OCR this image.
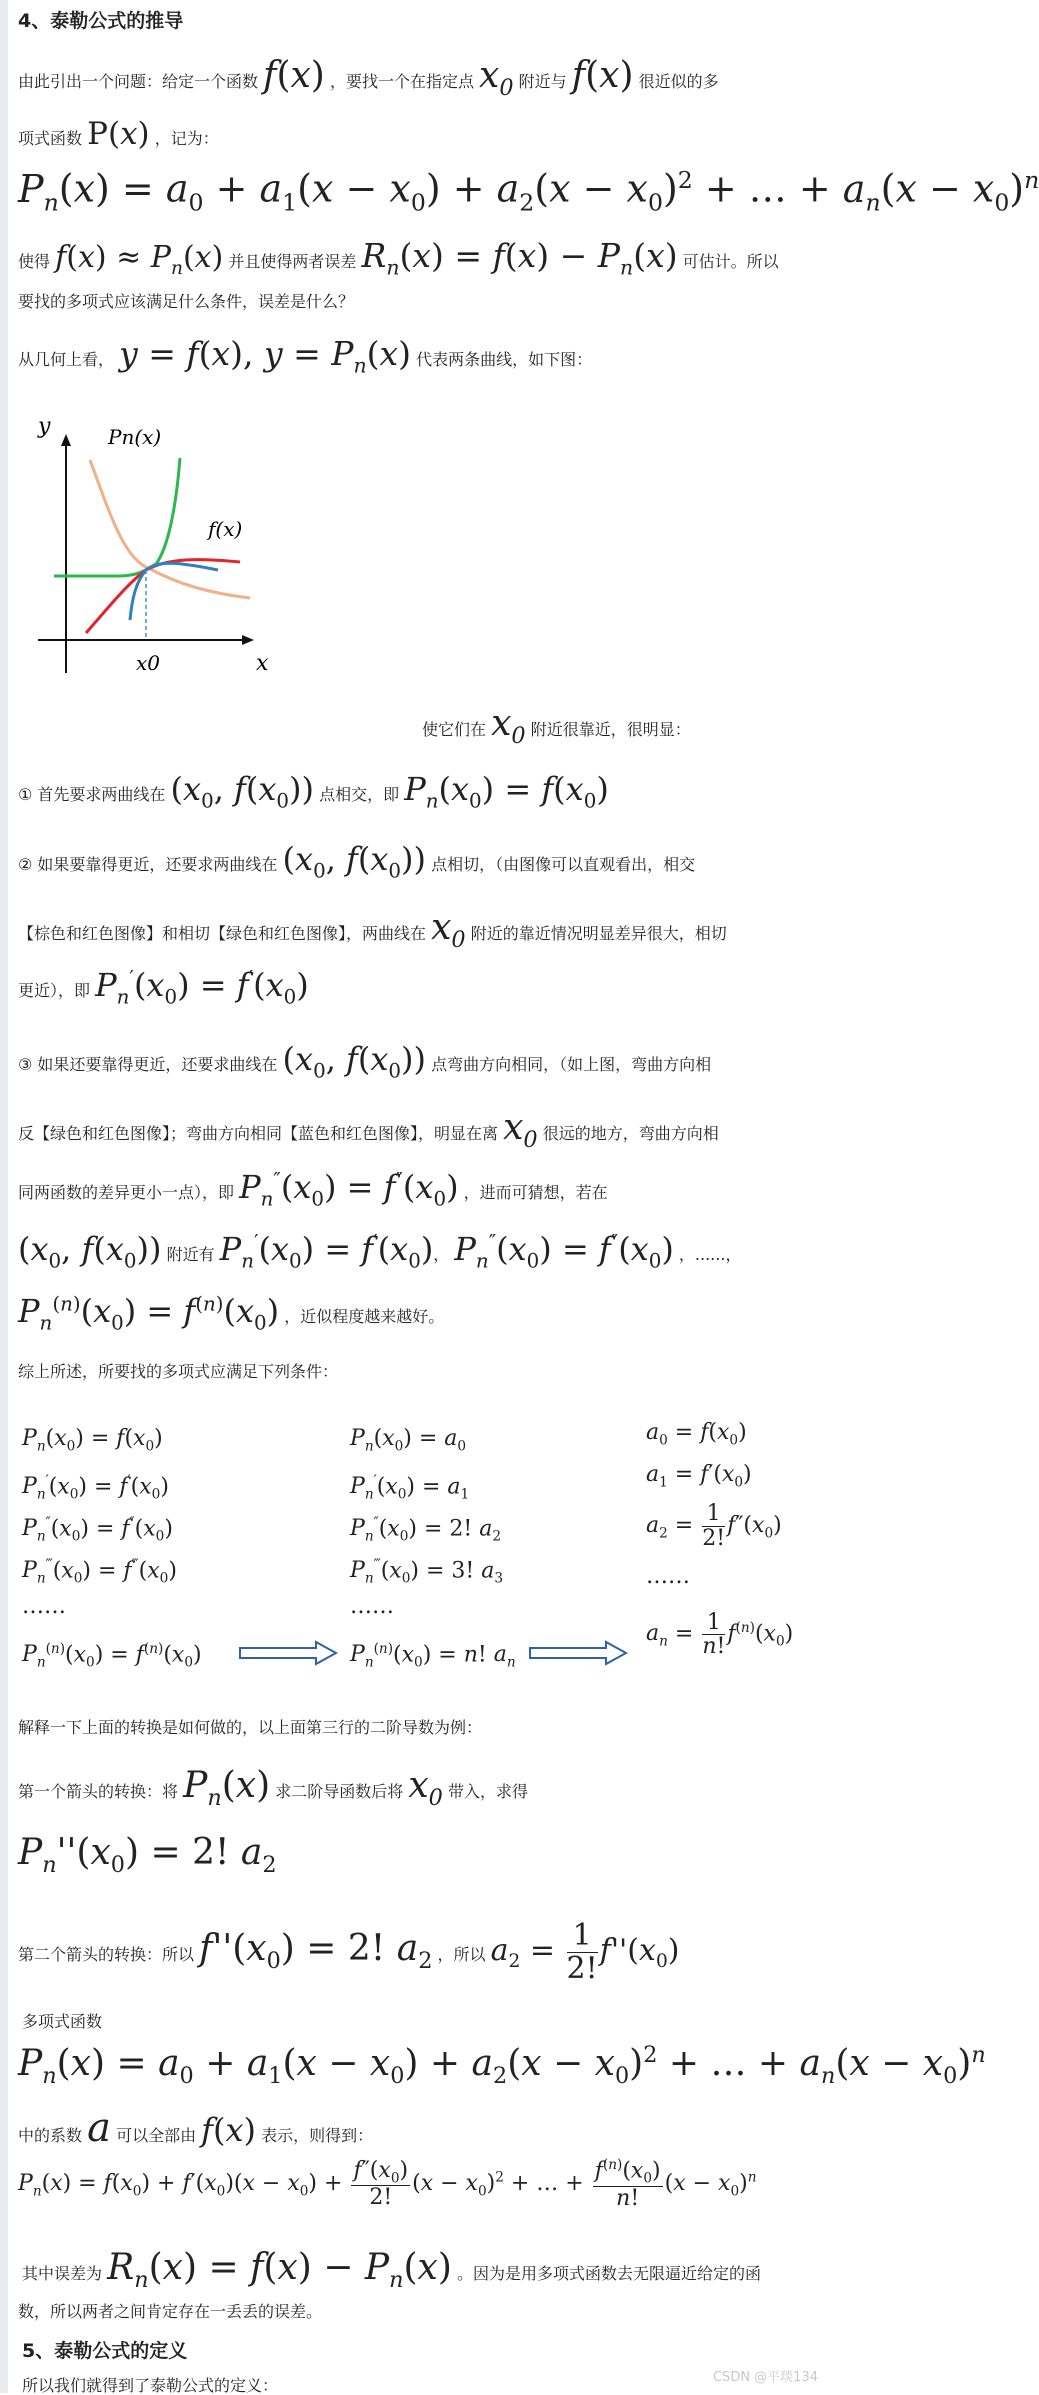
4、泰勒公式的推导
由此引出一个问题：给定一个函数 f(x) ，要找一个在指定点 $x_0$ 附近与 f(x) 很近似的多
项式函数 P(x) ，记为：
$P_n(x) = a_0 + a_1(x - x_0) + a_2(x - x_0)^2$ + … + $a_n(x - x_0)^n$
使得 $f(x) \approx P_n(x)$ 并且使得两者误差 $R_n(x) = f(x) - P_n(x)$ 可估计。所以
要找的多项式应该满足什么条件，误差是什么？
从几何上看， y = f(x), $y = P_n(x)$ 代表两条曲线，如下图：
y
x
Pn(x)
f(x)
x0
使它们在 $x_0$ 附近很靠近，很明显：
① 首先要求两曲线在 ($x_0$, $f(x_0)$) 点相交，即 $P_n(x_0) = f(x_0)$
② 如果要靠得更近，还要求两曲线在 ($x_0$, $f(x_0)$) 点相切，（由图像可以直观看出，相交
【棕色和红色图像】和相切【绿色和红色图像】，两曲线在 $x_0$ 附近的靠近情况明显差异很大，相切
更近），即 $P_n'(x_0) = f'(x_0)$
③ 如果还要靠得更近，还要求曲线在 ($x_0$, $f(x_0)$) 点弯曲方向相同，（如上图，弯曲方向相
反【绿色和红色图像】；弯曲方向相同【蓝色和红色图像】，明显在离 $x_0$ 很远的地方，弯曲方向相
同两函数的差异更小一点），即 $P_n''(x_0) = f''(x_0)$ ，进而可猜想，若在
($x_0$, $f(x_0)$) 附近有 $P_n'(x_0) = f'(x_0)$， $P_n''(x_0) = f''(x_0)$ ，......，
$P_n^{(n)}(x_0) = f^{(n)}(x_0)$ ，近似程度越来越好。
综上所述，所要找的多项式应满足下列条件：
$P_n(x_0) = f(x_0)$
$P_n'(x_0) = f'(x_0)$
$P_n''(x_0) = f''(x_0)$
$P_n^‴(x_0) = f^‴(x_0)$
……
$P_n^{(n)}(x_0) = f^{(n)}(x_0)$
$P_n(x_0) = a_0$
$P_n'(x_0) = a_1$
$P_n''(x_0) = 2$! $a_2$
$P_n^‴(x_0) = 3$! $a_3$
……
$P_n^{(n)}(x_0) = n$! $a_n$
$a_0 = f(x_0)$
$a_1 = f'(x_0)$
$a_2 = \frac{1}{2!} f''(x_0)$
……
$a_n = \frac{1}{n!} f^{(n)}(x_0)$
解释一下上面的转换是如何做的，以上面第三行的二阶导数为例：
第一个箭头的转换：将 $P_n(x)$ 求二阶导函数后将 $x_0$ 带入，求得
$P_n''(x_0) = 2$! $a_2$
第二个箭头的转换：所以 $f''(x_0) = 2$! $a_2$ ，所以 $a_2 = \frac{1}{2!} f''(x_0)$
多项式函数
$P_n(x) = a_0 + a_1(x - x_0) + a_2(x - x_0)^2$ + … + $a_n(x - x_0)^n$
中的系数 a 可以全部由 f(x) 表示，则得到：
$P_n(x) = f(x_0) + f'(x_0)(x - x_0) + \frac{f''(x_0)}{2!} (x - x_0)^2$ + … + $\frac{f^{(n)}(x_0)}{n!} (x - x_0)^n$
其中误差为 $R_n(x) = f(x) - P_n(x)$ 。因为是用多项式函数去无限逼近给定的函
数，所以两者之间肯定存在一丢丢的误差。
5、泰勒公式的定义
所以我们就得到了泰勒公式的定义：	CSDN @平琰134
